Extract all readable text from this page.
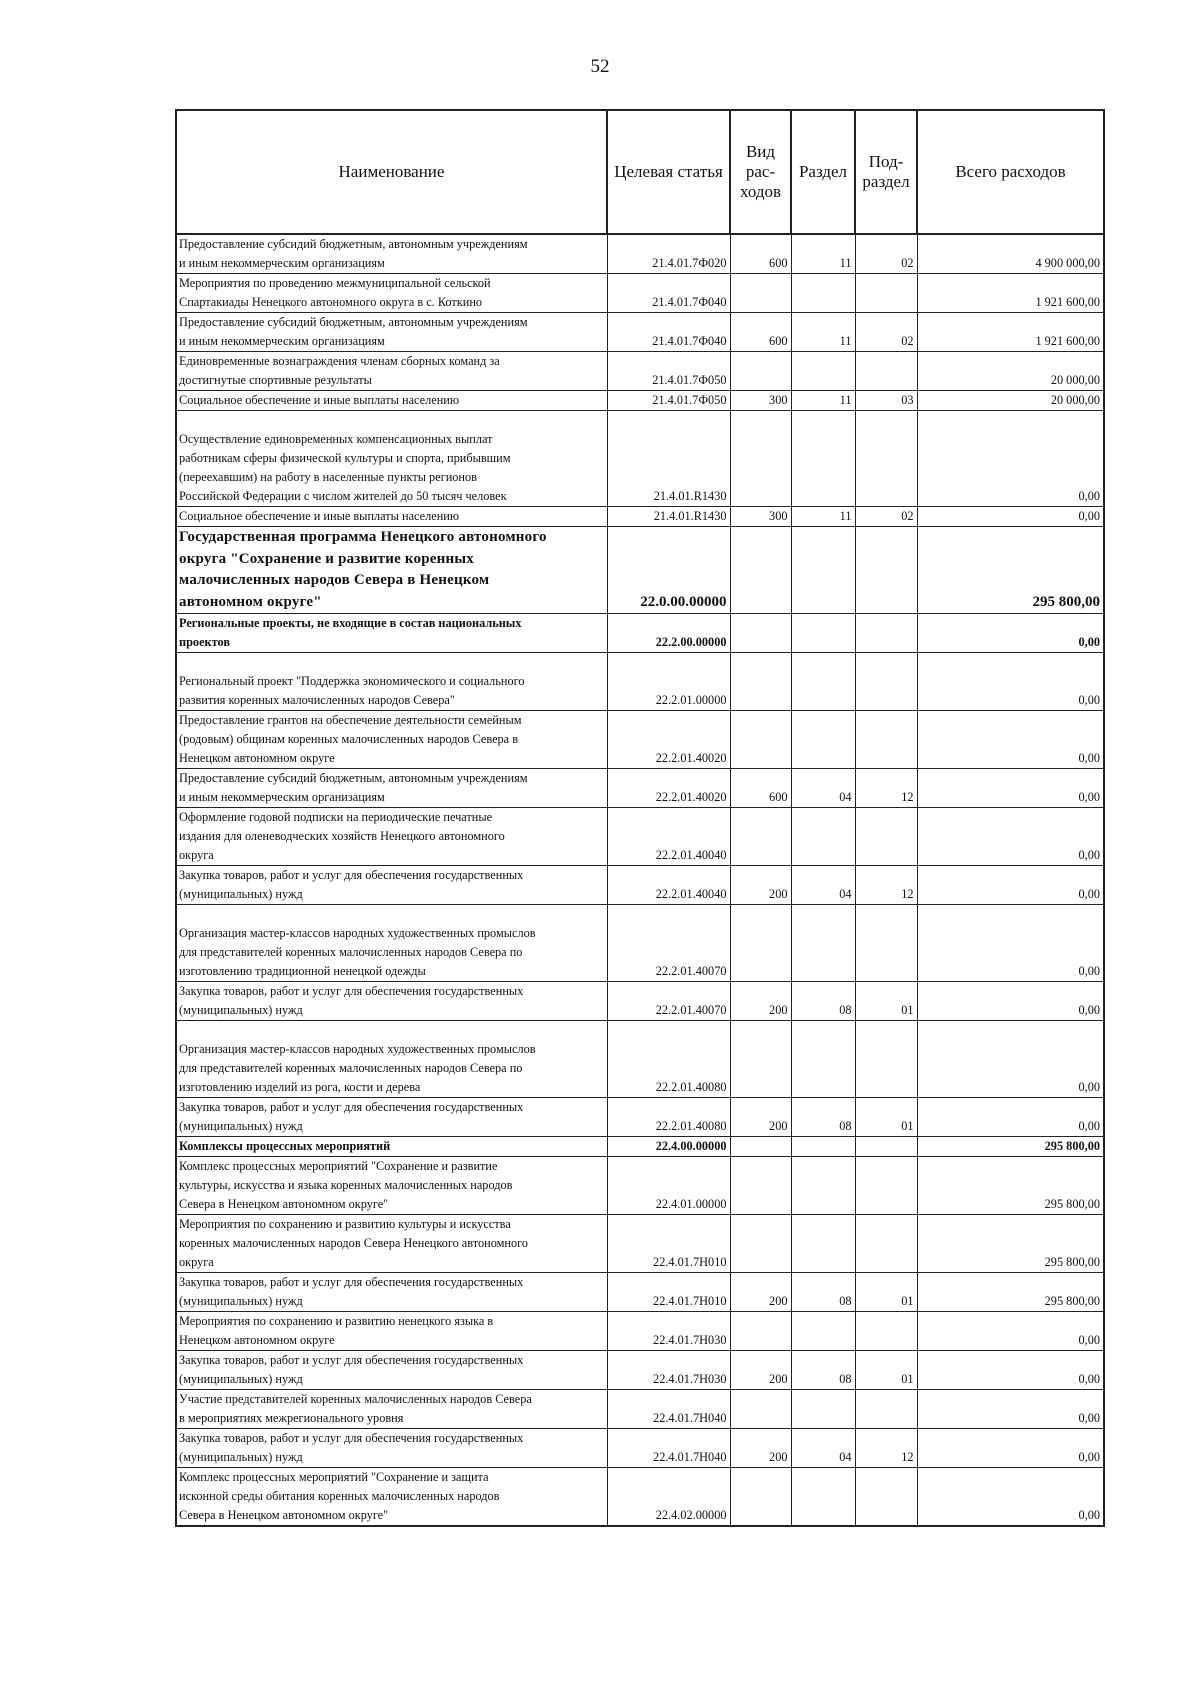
52
Наименование	Целевая статья	Вид
рас-
ходов	Раздел	Под-
раздел	Всего расходов
Предоставление субсидий бюджетным, автономным учреждениям
и иным некоммерческим организациям	21.4.01.7Ф020	600	11	02	4 900 000,00
Мероприятия по проведению межмуниципальной сельской
Спартакиады Ненецкого автономного округа в с. Коткино	21.4.01.7Ф040				1 921 600,00
Предоставление субсидий бюджетным, автономным учреждениям
и иным некоммерческим организациям	21.4.01.7Ф040	600	11	02	1 921 600,00
Единовременные вознаграждения членам сборных команд за
достигнутые спортивные результаты	21.4.01.7Ф050				20 000,00
Социальное обеспечение и иные выплаты населению	21.4.01.7Ф050	300	11	03	20 000,00
Осуществление единовременных компенсационных выплат
работникам сферы физической культуры и спорта, прибывшим
(переехавшим) на работу в населенные пункты регионов
Российской Федерации с числом жителей до 50 тысяч человек	21.4.01.R1430				0,00
Социальное обеспечение и иные выплаты населению	21.4.01.R1430	300	11	02	0,00
Государственная программа Ненецкого автономного
округа "Сохранение и развитие коренных
малочисленных народов Севера в Ненецком
автономном округе"	22.0.00.00000				295 800,00
Региональные проекты, не входящие в состав национальных
проектов	22.2.00.00000				0,00
Региональный проект "Поддержка экономического и социального
развития коренных малочисленных народов Севера"	22.2.01.00000				0,00
Предоставление грантов на обеспечение деятельности семейным
(родовым) общинам коренных малочисленных народов Севера в
Ненецком автономном округе	22.2.01.40020				0,00
Предоставление субсидий бюджетным, автономным учреждениям
и иным некоммерческим организациям	22.2.01.40020	600	04	12	0,00
Оформление годовой подписки на периодические печатные
издания для оленеводческих хозяйств Ненецкого автономного
округа	22.2.01.40040				0,00
Закупка товаров, работ и услуг для обеспечения государственных
(муниципальных) нужд	22.2.01.40040	200	04	12	0,00
Организация мастер-классов народных художественных промыслов
для представителей коренных малочисленных народов Севера по
изготовлению традиционной ненецкой одежды	22.2.01.40070				0,00
Закупка товаров, работ и услуг для обеспечения государственных
(муниципальных) нужд	22.2.01.40070	200	08	01	0,00
Организация мастер-классов народных художественных промыслов
для представителей коренных малочисленных народов Севера по
изготовлению изделий из рога, кости и дерева	22.2.01.40080				0,00
Закупка товаров, работ и услуг для обеспечения государственных
(муниципальных) нужд	22.2.01.40080	200	08	01	0,00
Комплексы процессных мероприятий	22.4.00.00000				295 800,00
Комплекс процессных мероприятий "Сохранение и развитие
культуры, искусства и языка коренных малочисленных народов
Севера в Ненецком автономном округе"	22.4.01.00000				295 800,00
Мероприятия по сохранению и развитию культуры и искусства
коренных малочисленных народов Севера Ненецкого автономного
округа	22.4.01.7Н010				295 800,00
Закупка товаров, работ и услуг для обеспечения государственных
(муниципальных) нужд	22.4.01.7Н010	200	08	01	295 800,00
Мероприятия по сохранению и развитию ненецкого языка в
Ненецком автономном округе	22.4.01.7Н030				0,00
Закупка товаров, работ и услуг для обеспечения государственных
(муниципальных) нужд	22.4.01.7Н030	200	08	01	0,00
Участие представителей коренных малочисленных народов Севера
в мероприятиях межрегионального уровня	22.4.01.7Н040				0,00
Закупка товаров, работ и услуг для обеспечения государственных
(муниципальных) нужд	22.4.01.7Н040	200	04	12	0,00
Комплекс процессных мероприятий "Сохранение и защита
исконной среды обитания коренных малочисленных народов
Севера в Ненецком автономном округе"	22.4.02.00000				0,00
